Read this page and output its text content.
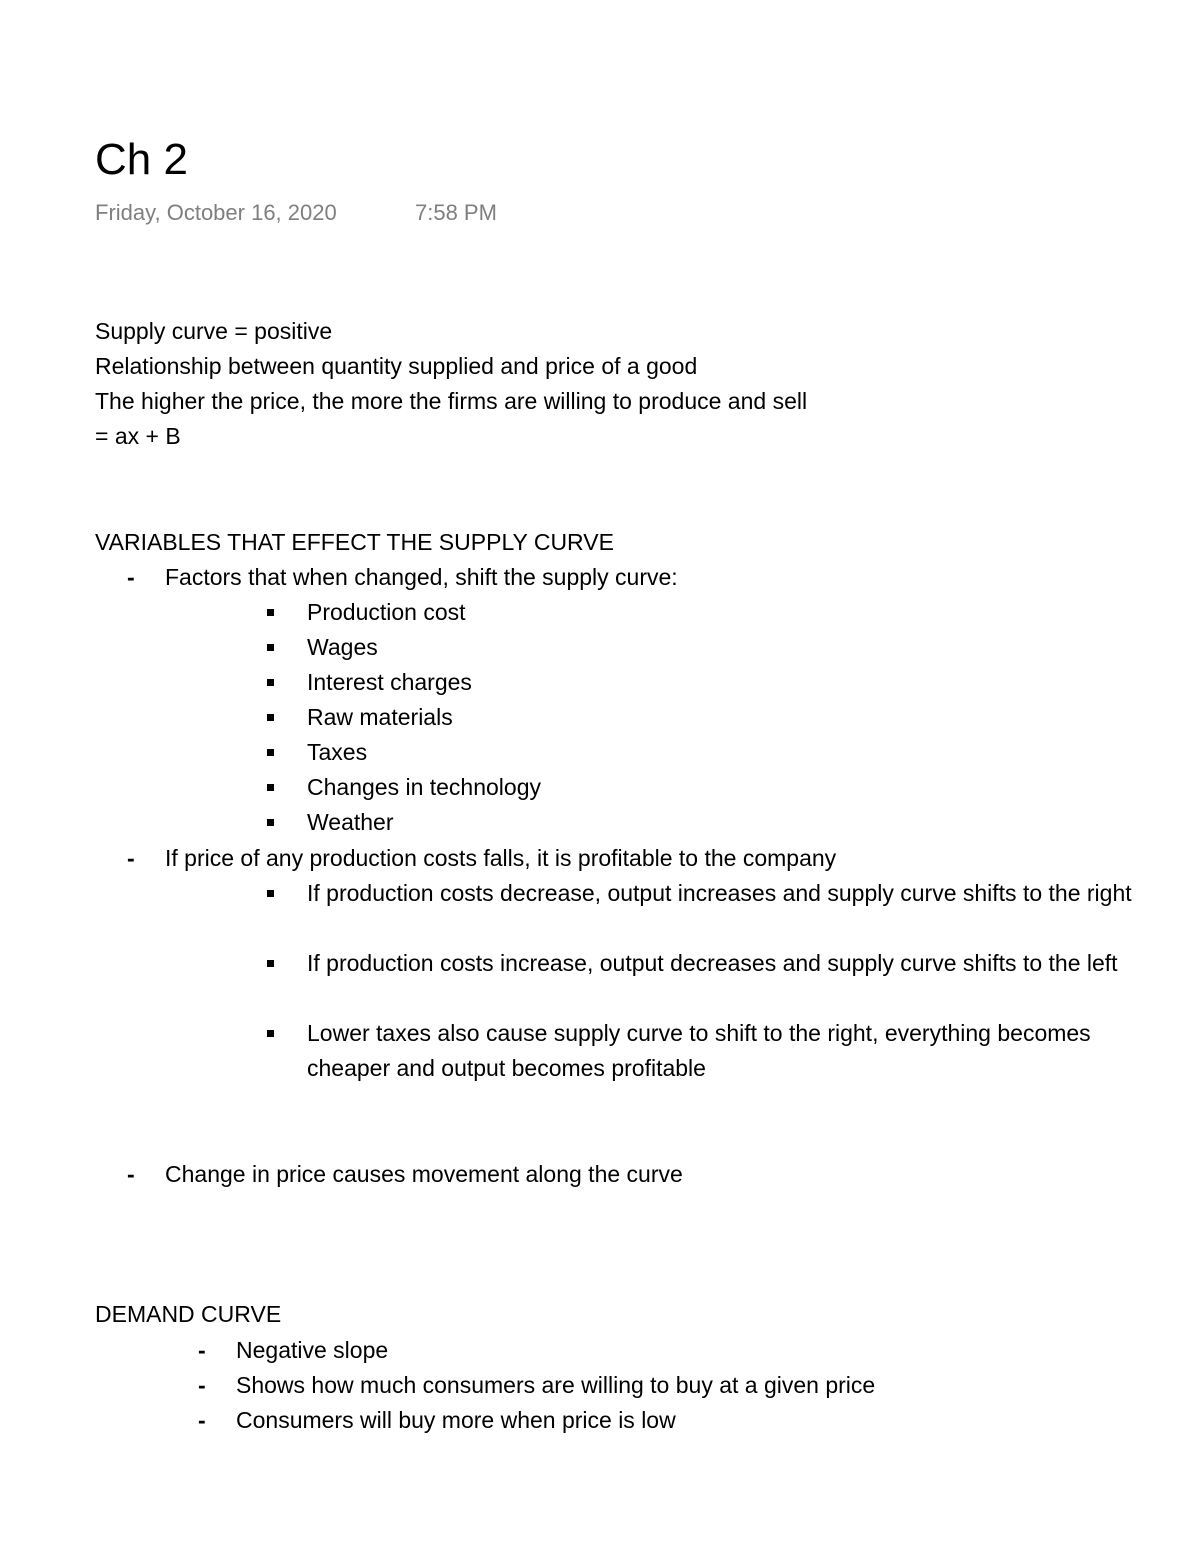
Ch 2
Friday, October 16, 2020	7:58 PM
Supply curve = positive
Relationship between quantity supplied and price of a good
The higher the price, the more the firms are willing to produce and sell
= ax + B
VARIABLES THAT EFFECT THE SUPPLY CURVE
- Factors that when changed, shift the supply curve:
Production cost
Wages
Interest charges
Raw materials
Taxes
Changes in technology
Weather
- If price of any production costs falls, it is profitable to the company
If production costs decrease, output increases and supply curve shifts to the right
If production costs increase, output decreases and supply curve shifts to the left
Lower taxes also cause supply curve to shift to the right, everything becomes cheaper and output becomes profitable
- Change in price causes movement along the curve
DEMAND CURVE
- Negative slope
- Shows how much consumers are willing to buy at a given price
- Consumers will buy more when price is low
